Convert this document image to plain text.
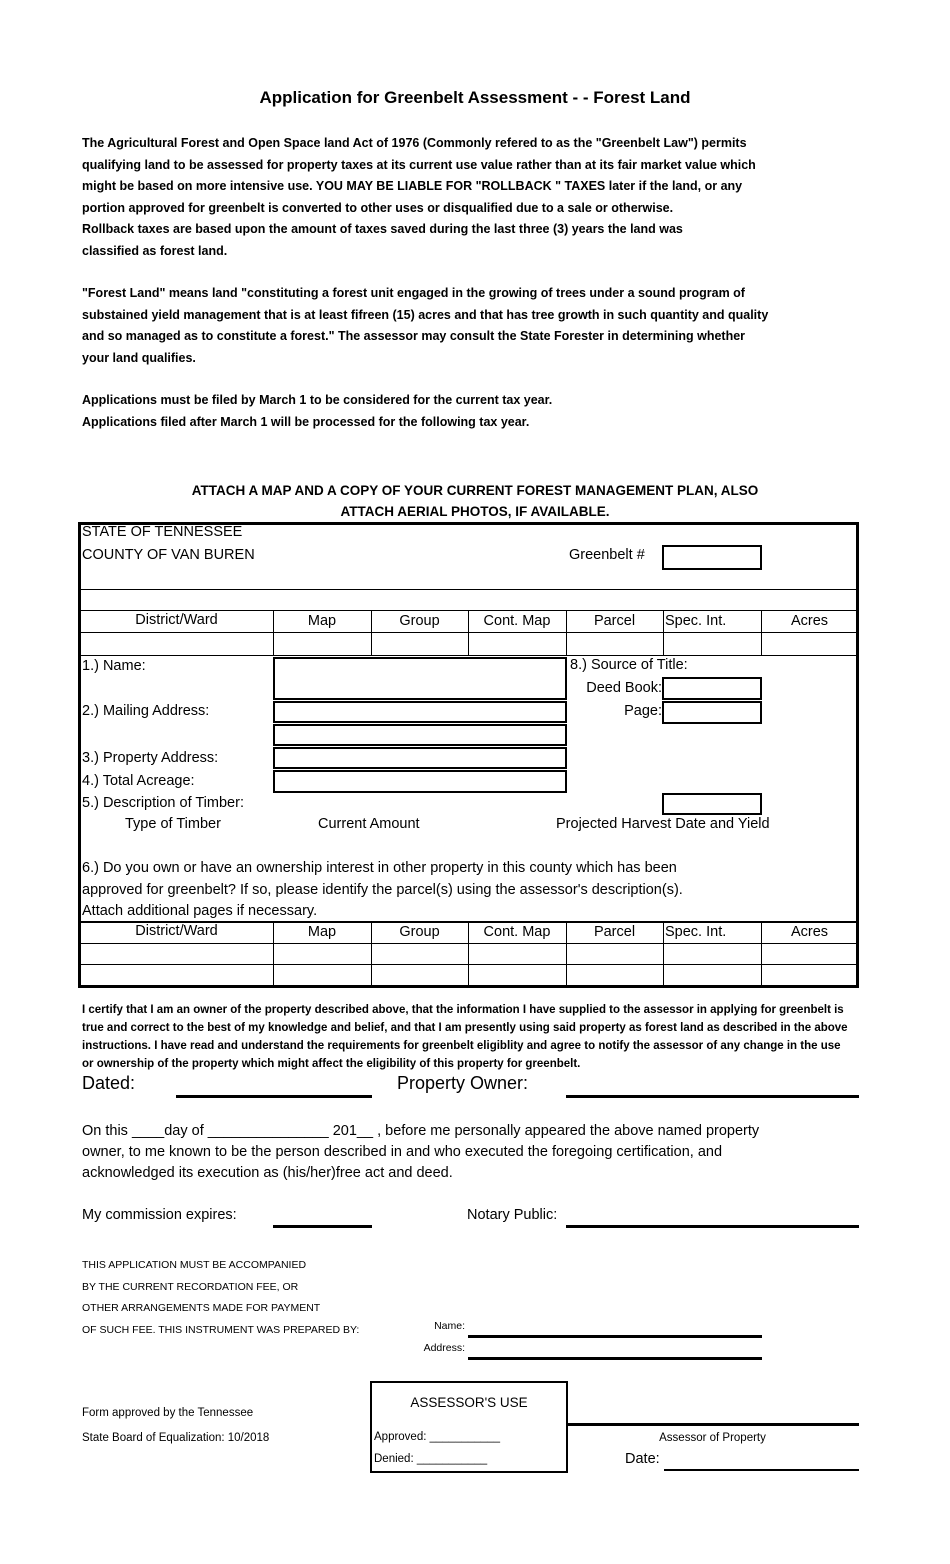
Application for Greenbelt Assessment - - Forest Land
The Agricultural Forest and Open Space land Act of 1976 (Commonly refered to as the "Greenbelt Law") permits
qualifying land to be assessed for property taxes at its current use value rather than at its fair market value which
might be based on more intensive use. YOU MAY BE LIABLE FOR "ROLLBACK " TAXES later if the land, or any
portion approved for greenbelt is converted to other uses or disqualified due to a sale or otherwise.
Rollback taxes are based upon the amount of taxes saved during the last three (3) years the land was
classified as forest land.
"Forest Land" means land "constituting a forest unit engaged in the growing of trees under a sound program of
substained yield management that is at least fifreen (15) acres and that has tree growth in such quantity and quality
and so managed as to constitute a forest." The assessor may consult the State Forester in determining whether
your land qualifies.
Applications must be filed by March 1 to be considered for the current tax year.
Applications filed after March 1 will be processed for the following tax year.
ATTACH A MAP AND A COPY OF YOUR CURRENT FOREST MANAGEMENT PLAN, ALSO
ATTACH AERIAL PHOTOS, IF AVAILABLE.
STATE OF TENNESSEE
COUNTY OF VAN BUREN	Greenbelt #
District/Ward	Map	Group	Cont. Map	Parcel	Spec. Int.	Acres
1.) Name:
2.) Mailing Address:
3.) Property Address:
4.) Total Acreage:
5.) Description of Timber:
8.) Source of Title:
Deed Book:
Page:
Type of Timber	Current Amount	Projected Harvest Date and Yield
6.) Do you own or have an ownership interest in other property in this county which has been
approved for greenbelt? If so, please identify the parcel(s) using the assessor's description(s).
Attach additional pages if necessary.
District/Ward	Map	Group	Cont. Map	Parcel	Spec. Int.	Acres
I certify that I am an owner of the property described above, that the information I have supplied to the assessor in applying for greenbelt is
true and correct to the best of my knowledge and belief, and that I am presently using said property as forest land as described in the above
instructions. I have read and understand the requirements for greenbelt eligiblity and agree to notify the assessor of any change in the use
or ownership of the property which might affect the eligibility of this property for greenbelt.
Dated:	Property Owner:
On this ____day of _______________ 201__ , before me personally appeared the above named property
owner, to me known to be the person described in and who executed the foregoing certification, and
acknowledged its execution as (his/her)free act and deed.
My commission expires:	Notary Public:
THIS APPLICATION MUST BE ACCOMPANIED
BY THE CURRENT RECORDATION FEE, OR
OTHER ARRANGEMENTS MADE FOR PAYMENT
OF SUCH FEE. THIS INSTRUMENT WAS PREPARED BY:	Name:
Address:
Form approved by the Tennessee
State Board of Equalization: 10/2018
ASSESSOR'S USE
Approved: ___________
Denied: ___________
Assessor of Property
Date:
